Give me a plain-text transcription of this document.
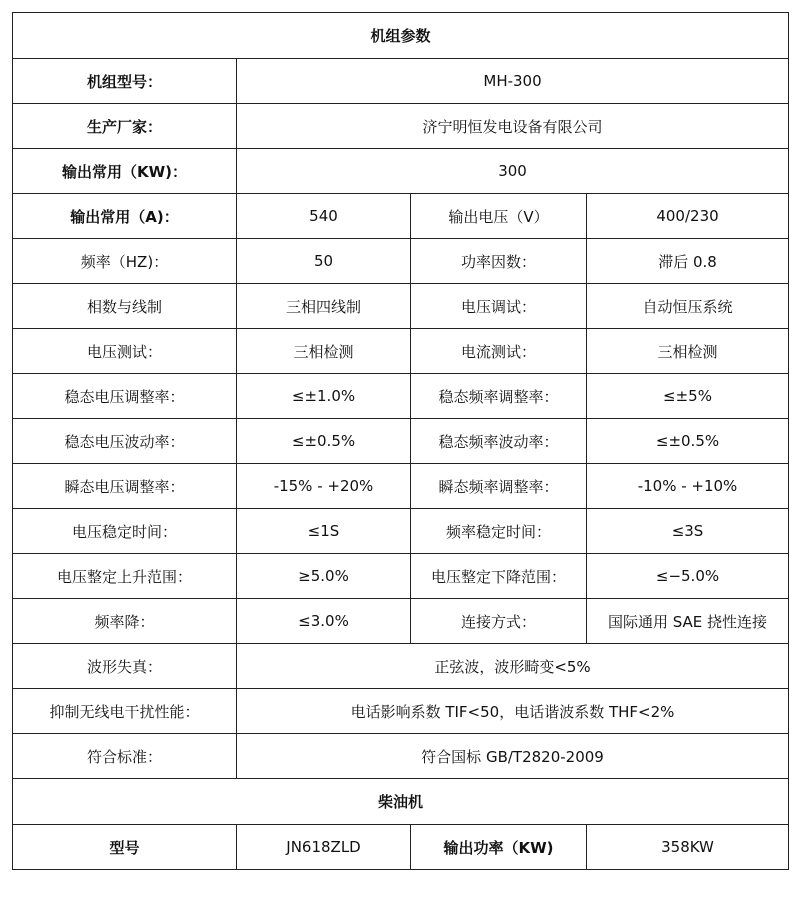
机组参数			
机组型号：	MH-300		
生产厂家：	济宁明恒发电设备有限公司		
输出常用（KW)：	300		
输出常用（A)：	540	输出电压（V）	400/230
频率（HZ)：	50	功率因数：	滞后 0.8
相数与线制	三相四线制	电压调试：	自动恒压系统
电压测试：	三相检测	电流测试：	三相检测
稳态电压调整率：	≤±1.0%	稳态频率调整率：	≤±5%
稳态电压波动率：	≤±0.5%	稳态频率波动率：	≤±0.5%
瞬态电压调整率：	-15% - +20%	瞬态频率调整率：	-10% - +10%
电压稳定时间：	≤1S	频率稳定时间：	≤3S
电压整定上升范围：	≥5.0%	电压整定下降范围：	≤−5.0%
频率降：	≤3.0%	连接方式：	国际通用 SAE 挠性连接
波形失真：	正弦波，波形畸变<5%		
抑制无线电干扰性能：	电话影响系数 TIF<50，电话谐波系数 THF<2%		
符合标准：	符合国标 GB/T2820-2009		
柴油机			
型号	JN618ZLD	输出功率（KW)	358KW
